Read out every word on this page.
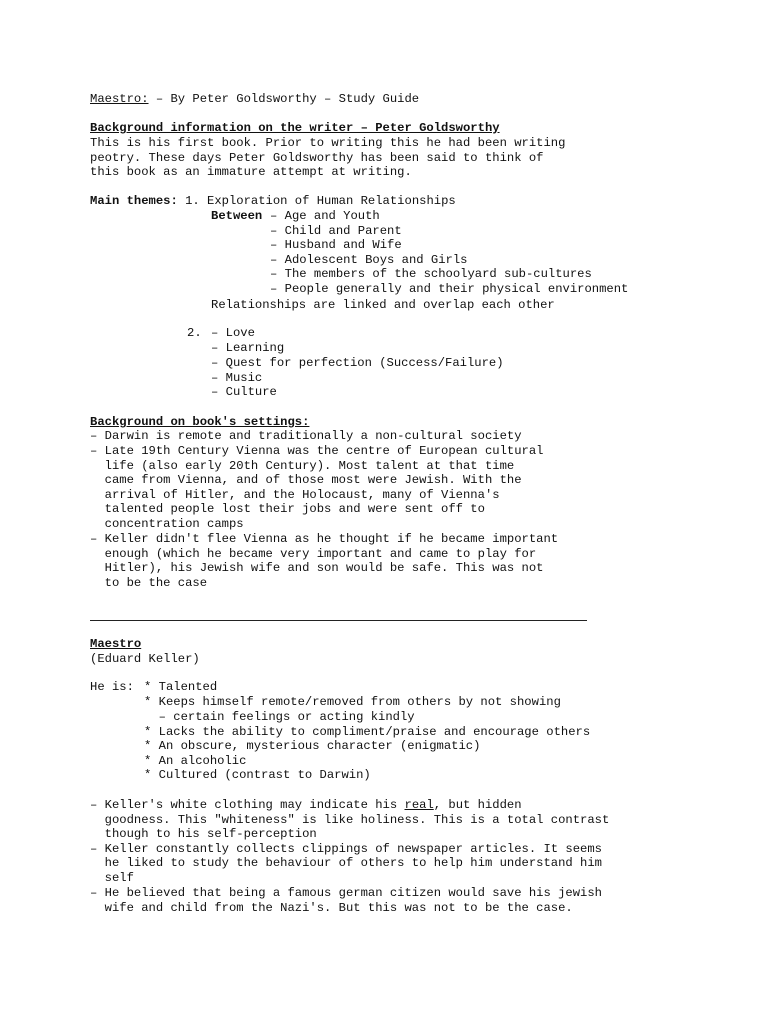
Maestro: – By Peter Goldsworthy – Study Guide
Background information on the writer – Peter Goldsworthy
This is his first book. Prior to writing this he had been writing
peotry. These days Peter Goldsworthy has been said to think of
this book as an immature attempt at writing.
Main themes: 1. Exploration of Human Relationships
Between – Age and Youth
– Child and Parent
– Husband and Wife
– Adolescent Boys and Girls
– The members of the schoolyard sub-cultures
– People generally and their physical environment
Relationships are linked and overlap each other
2. – Love
– Learning
– Quest for perfection (Success/Failure)
– Music
– Culture
Background on book's settings:
– Darwin is remote and traditionally a non-cultural society
– Late 19th Century Vienna was the centre of European cultural
life (also early 20th Century). Most talent at that time
came from Vienna, and of those most were Jewish. With the
arrival of Hitler, and the Holocaust, many of Vienna's
talented people lost their jobs and were sent off to
concentration camps
– Keller didn't flee Vienna as he thought if he became important
enough (which he became very important and came to play for
Hitler), his Jewish wife and son would be safe. This was not
to be the case
Maestro
(Eduard Keller)
He is: * Talented
* Keeps himself remote/removed from others by not showing
– certain feelings or acting kindly
* Lacks the ability to compliment/praise and encourage others
* An obscure, mysterious character (enigmatic)
* An alcoholic
* Cultured (contrast to Darwin)
– Keller's white clothing may indicate his real, but hidden
goodness. This "whiteness" is like holiness. This is a total contrast
though to his self-perception
– Keller constantly collects clippings of newspaper articles. It seems
he liked to study the behaviour of others to help him understand him
self
– He believed that being a famous german citizen would save his jewish
wife and child from the Nazi's. But this was not to be the case.
